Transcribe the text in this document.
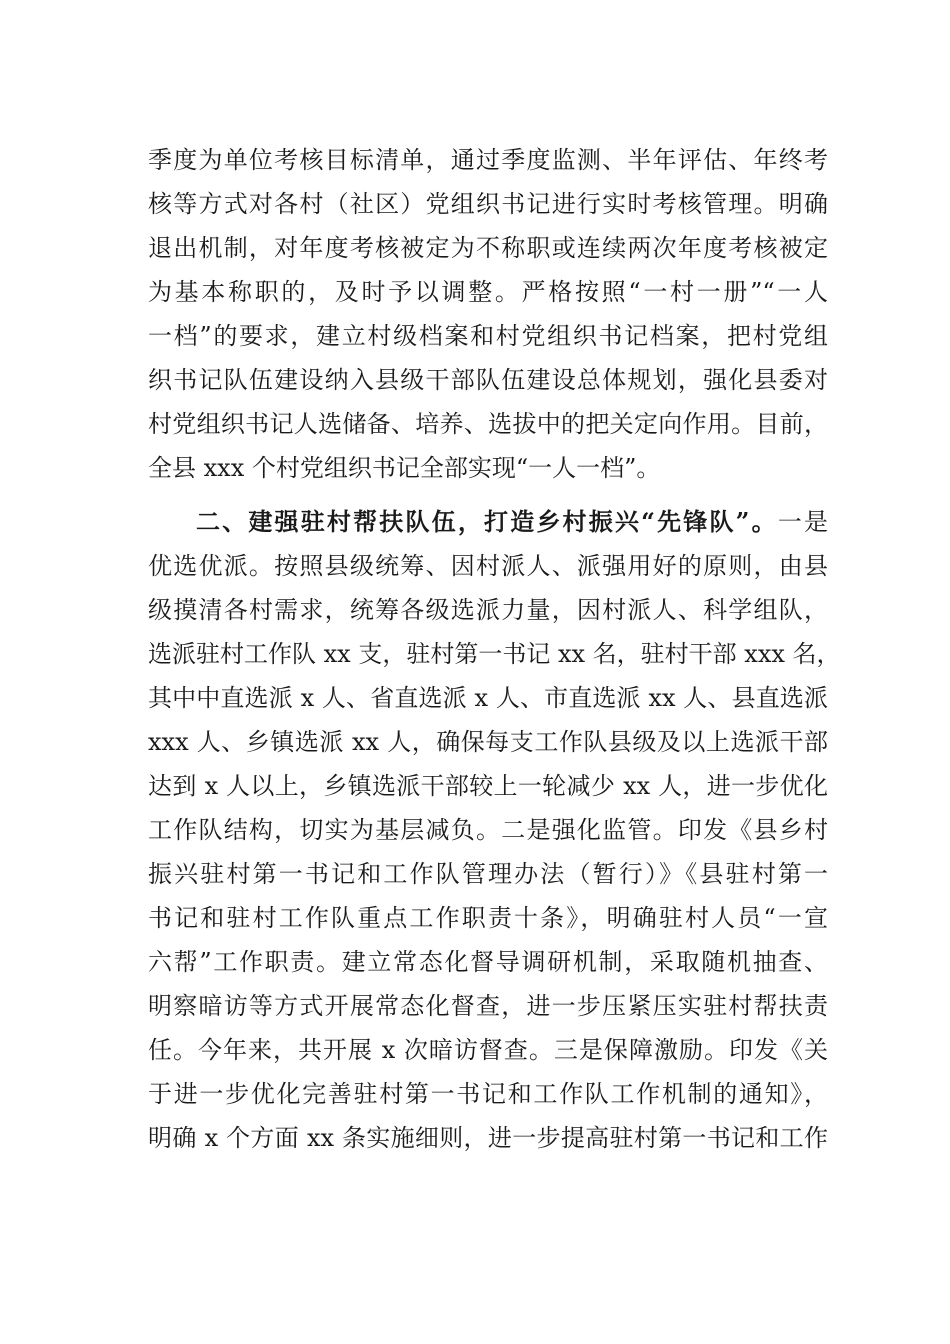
季度为单位考核目标清单，通过季度监测、半年评估、年终考
核等方式对各村（社区）党组织书记进行实时考核管理。明确
退出机制，对年度考核被定为不称职或连续两次年度考核被定
为基本称职的，及时予以调整。严格按照“一村一册”“一人
一档”的要求，建立村级档案和村党组织书记档案，把村党组
织书记队伍建设纳入县级干部队伍建设总体规划，强化县委对
村党组织书记人选储备、培养、选拔中的把关定向作用。目前，
全县 xxx 个村党组织书记全部实现“一人一档”。
二、建强驻村帮扶队伍，打造乡村振兴“先锋队”。一是
优选优派。按照县级统筹、因村派人、派强用好的原则，由县
级摸清各村需求，统筹各级选派力量，因村派人、科学组队，
选派驻村工作队 xx 支，驻村第一书记 xx 名，驻村干部 xxx 名，
其中中直选派 x 人、省直选派 x 人、市直选派 xx 人、县直选派
xxx 人、乡镇选派 xx 人，确保每支工作队县级及以上选派干部
达到 x 人以上，乡镇选派干部较上一轮减少 xx 人，进一步优化
工作队结构，切实为基层减负。二是强化监管。印发《县乡村
振兴驻村第一书记和工作队管理办法（暂行）》《县驻村第一
书记和驻村工作队重点工作职责十条》，明确驻村人员“一宣
六帮”工作职责。建立常态化督导调研机制，采取随机抽查、
明察暗访等方式开展常态化督查，进一步压紧压实驻村帮扶责
任。今年来，共开展 x 次暗访督查。三是保障激励。印发《关
于进一步优化完善驻村第一书记和工作队工作机制的通知》，
明确 x 个方面 xx 条实施细则，进一步提高驻村第一书记和工作
